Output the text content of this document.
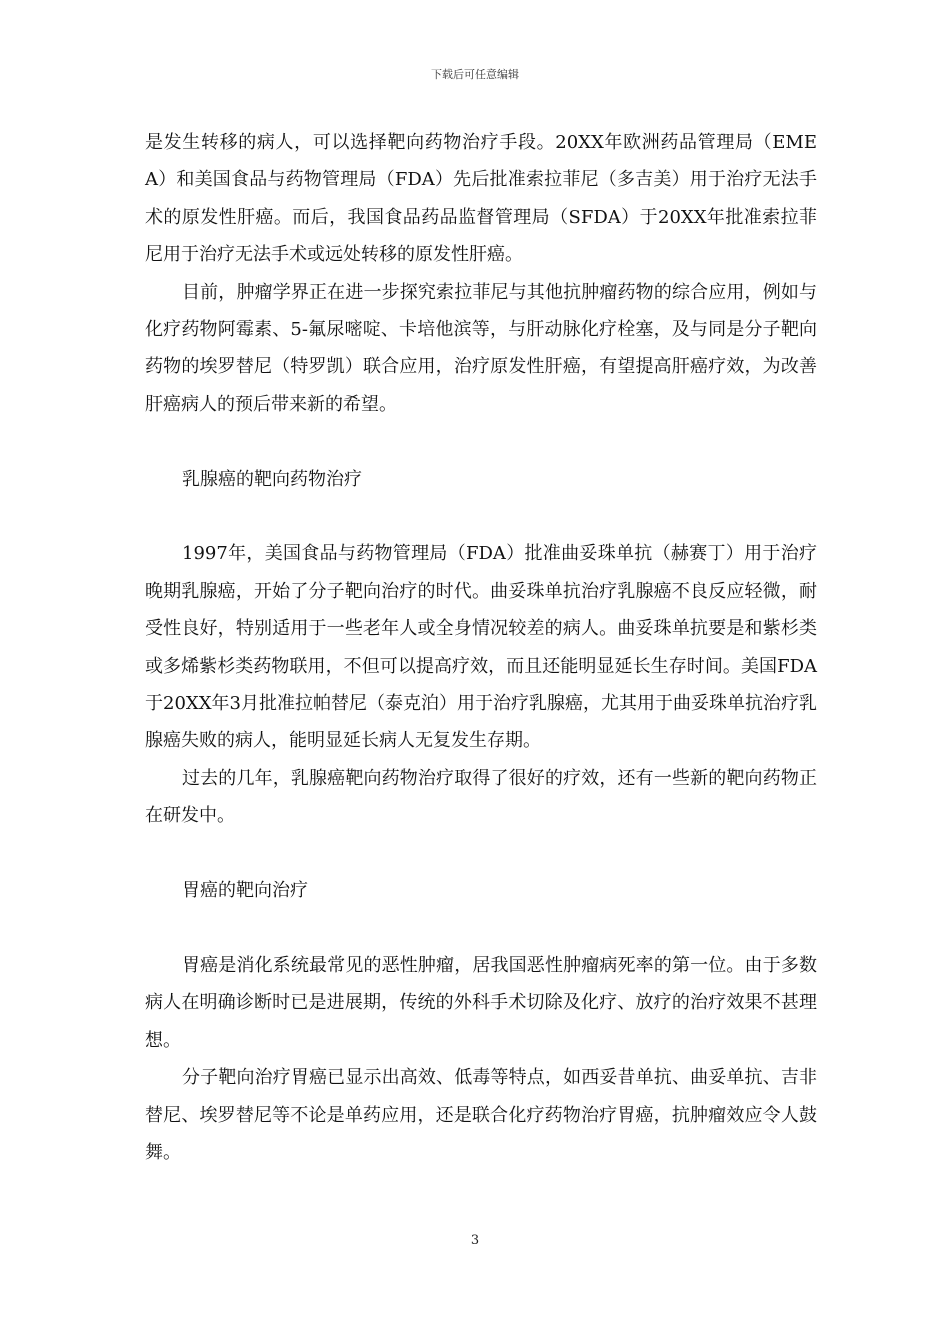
下载后可任意编辑

是发生转移的病人，可以选择靶向药物治疗手段。20XX年欧洲药品管理局（EMEA）和美国食品与药物管理局（FDA）先后批准索拉菲尼（多吉美）用于治疗无法手术的原发性肝癌。而后，我国食品药品监督管理局（SFDA）于20XX年批准索拉菲尼用于治疗无法手术或远处转移的原发性肝癌。

目前，肿瘤学界正在进一步探究索拉菲尼与其他抗肿瘤药物的综合应用，例如与化疗药物阿霉素、5-氟尿嘧啶、卡培他滨等，与肝动脉化疗栓塞，及与同是分子靶向药物的埃罗替尼（特罗凯）联合应用，治疗原发性肝癌，有望提高肝癌疗效，为改善肝癌病人的预后带来新的希望。

乳腺癌的靶向药物治疗

1997年，美国食品与药物管理局（FDA）批准曲妥珠单抗（赫赛丁）用于治疗晚期乳腺癌，开始了分子靶向治疗的时代。曲妥珠单抗治疗乳腺癌不良反应轻微，耐受性良好，特别适用于一些老年人或全身情况较差的病人。曲妥珠单抗要是和紫杉类或多烯紫杉类药物联用，不但可以提高疗效，而且还能明显延长生存时间。美国FDA于20XX年3月批准拉帕替尼（泰克泊）用于治疗乳腺癌，尤其用于曲妥珠单抗治疗乳腺癌失败的病人，能明显延长病人无复发生存期。

过去的几年，乳腺癌靶向药物治疗取得了很好的疗效，还有一些新的靶向药物正在研发中。

胃癌的靶向治疗

胃癌是消化系统最常见的恶性肿瘤，居我国恶性肿瘤病死率的第一位。由于多数病人在明确诊断时已是进展期，传统的外科手术切除及化疗、放疗的治疗效果不甚理想。

分子靶向治疗胃癌已显示出高效、低毒等特点，如西妥昔单抗、曲妥单抗、吉非替尼、埃罗替尼等不论是单药应用，还是联合化疗药物治疗胃癌，抗肿瘤效应令人鼓舞。

3
